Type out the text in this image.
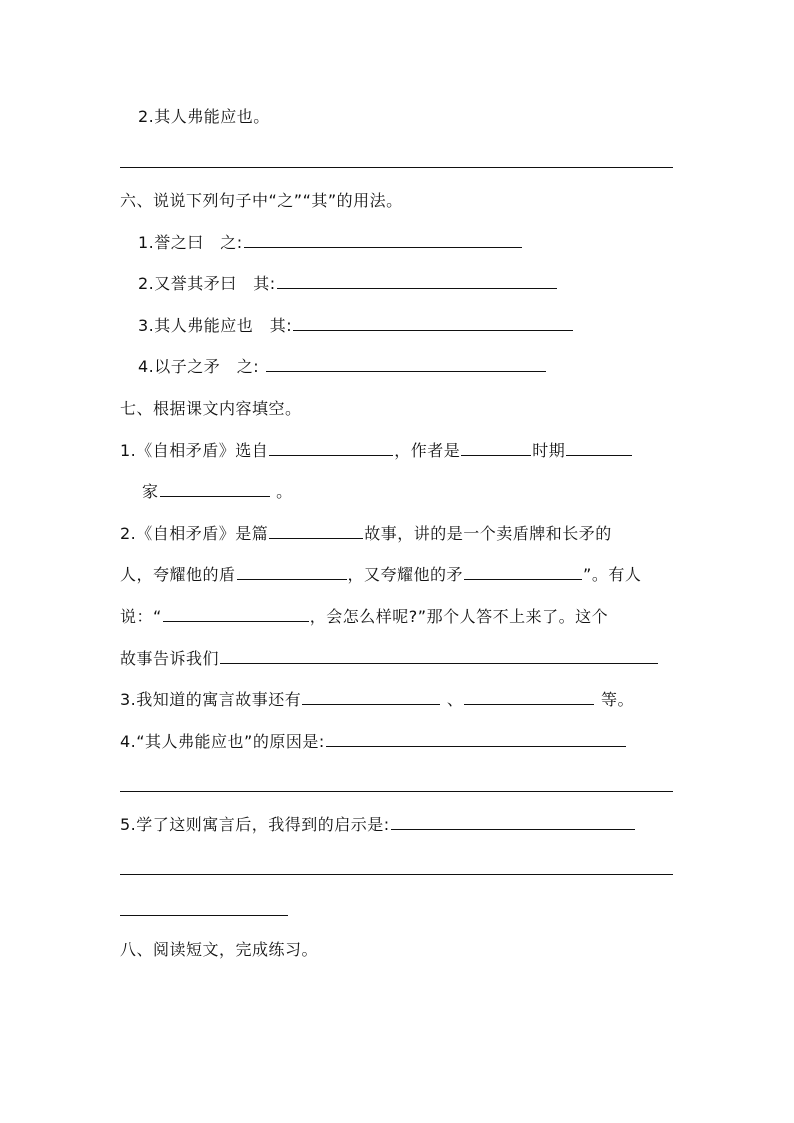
2.其人弗能应也。
六、说说下列句子中“之”“其”的用法。
1.誉之曰　之:
2.又誉其矛曰　其:
3.其人弗能应也　其:
4.以子之矛　之:
七、根据课文内容填空。
1.《自相矛盾》选自	，作者是	时期
家	。
2.《自相矛盾》是篇	故事，讲的是一个卖盾牌和长矛的
人，夸耀他的盾	，又夸耀他的矛	”。有人
说：“	，会怎么样呢?”那个人答不上来了。这个
故事告诉我们
3.我知道的寓言故事还有	、	等。
4.“其人弗能应也”的原因是:
5.学了这则寓言后，我得到的启示是:
八、阅读短文，完成练习。
